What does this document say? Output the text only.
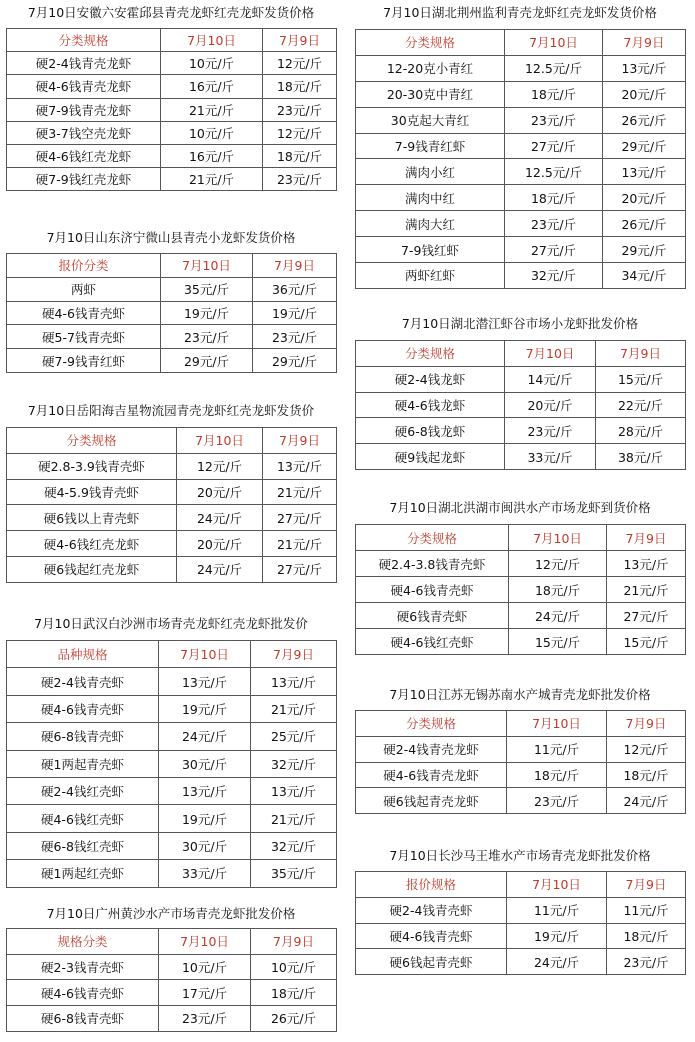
7月10日安徽六安霍邱县青壳龙虾红壳龙虾发货价格
分类规格	7月10日	7月9日
硬2-4钱青壳龙虾	10元/斤	12元/斤
硬4-6钱青壳龙虾	16元/斤	18元/斤
硬7-9钱青壳龙虾	21元/斤	23元/斤
硬3-7钱空壳龙虾	10元/斤	12元/斤
硬4-6钱红壳龙虾	16元/斤	18元/斤
硬7-9钱红壳龙虾	21元/斤	23元/斤
7月10日山东济宁微山县青壳小龙虾发货价格
报价分类	7月10日	7月9日
两虾	35元/斤	36元/斤
硬4-6钱青壳虾	19元/斤	19元/斤
硬5-7钱青壳虾	23元/斤	23元/斤
硬7-9钱青红虾	29元/斤	29元/斤
7月10日岳阳海吉星物流园青壳龙虾红壳龙虾发货价
分类规格	7月10日	7月9日
硬2.8-3.9钱青壳虾	12元/斤	13元/斤
硬4-5.9钱青壳虾	20元/斤	21元/斤
硬6钱以上青壳虾	24元/斤	27元/斤
硬4-6钱红壳龙虾	20元/斤	21元/斤
硬6钱起红壳龙虾	24元/斤	27元/斤
7月10日武汉白沙洲市场青壳龙虾红壳龙虾批发价
品种规格	7月10日	7月9日
硬2-4钱青壳虾	13元/斤	13元/斤
硬4-6钱青壳虾	19元/斤	21元/斤
硬6-8钱青壳虾	24元/斤	25元/斤
硬1两起青壳虾	30元/斤	32元/斤
硬2-4钱红壳虾	13元/斤	13元/斤
硬4-6钱红壳虾	19元/斤	21元/斤
硬6-8钱红壳虾	30元/斤	32元/斤
硬1两起红壳虾	33元/斤	35元/斤
7月10日广州黄沙水产市场青壳龙虾批发价格
规格分类	7月10日	7月9日
硬2-3钱青壳虾	10元/斤	10元/斤
硬4-6钱青壳虾	17元/斤	18元/斤
硬6-8钱青壳虾	23元/斤	26元/斤
7月10日湖北荆州监利青壳龙虾红壳龙虾发货价格
分类规格	7月10日	7月9日
12-20克小青红	12.5元/斤	13元/斤
20-30克中青红	18元/斤	20元/斤
30克起大青红	23元/斤	26元/斤
7-9钱青红虾	27元/斤	29元/斤
满肉小红	12.5元/斤	13元/斤
满肉中红	18元/斤	20元/斤
满肉大红	23元/斤	26元/斤
7-9钱红虾	27元/斤	29元/斤
两虾红虾	32元/斤	34元/斤
7月10日湖北潜江虾谷市场小龙虾批发价格
分类规格	7月10日	7月9日
硬2-4钱龙虾	14元/斤	15元/斤
硬4-6钱龙虾	20元/斤	22元/斤
硬6-8钱龙虾	23元/斤	28元/斤
硬9钱起龙虾	33元/斤	38元/斤
7月10日湖北洪湖市闽洪水产市场龙虾到货价格
分类规格	7月10日	7月9日
硬2.4-3.8钱青壳虾	12元/斤	13元/斤
硬4-6钱青壳虾	18元/斤	21元/斤
硬6钱青壳虾	24元/斤	27元/斤
硬4-6钱红壳虾	15元/斤	15元/斤
7月10日江苏无锡苏南水产城青壳龙虾批发价格
分类规格	7月10日	7月9日
硬2-4钱青壳龙虾	11元/斤	12元/斤
硬4-6钱青壳龙虾	18元/斤	18元/斤
硬6钱起青壳龙虾	23元/斤	24元/斤
7月10日长沙马王堆水产市场青壳龙虾批发价格
报价规格	7月10日	7月9日
硬2-4钱青壳虾	11元/斤	11元/斤
硬4-6钱青壳虾	19元/斤	18元/斤
硬6钱起青壳虾	24元/斤	23元/斤
